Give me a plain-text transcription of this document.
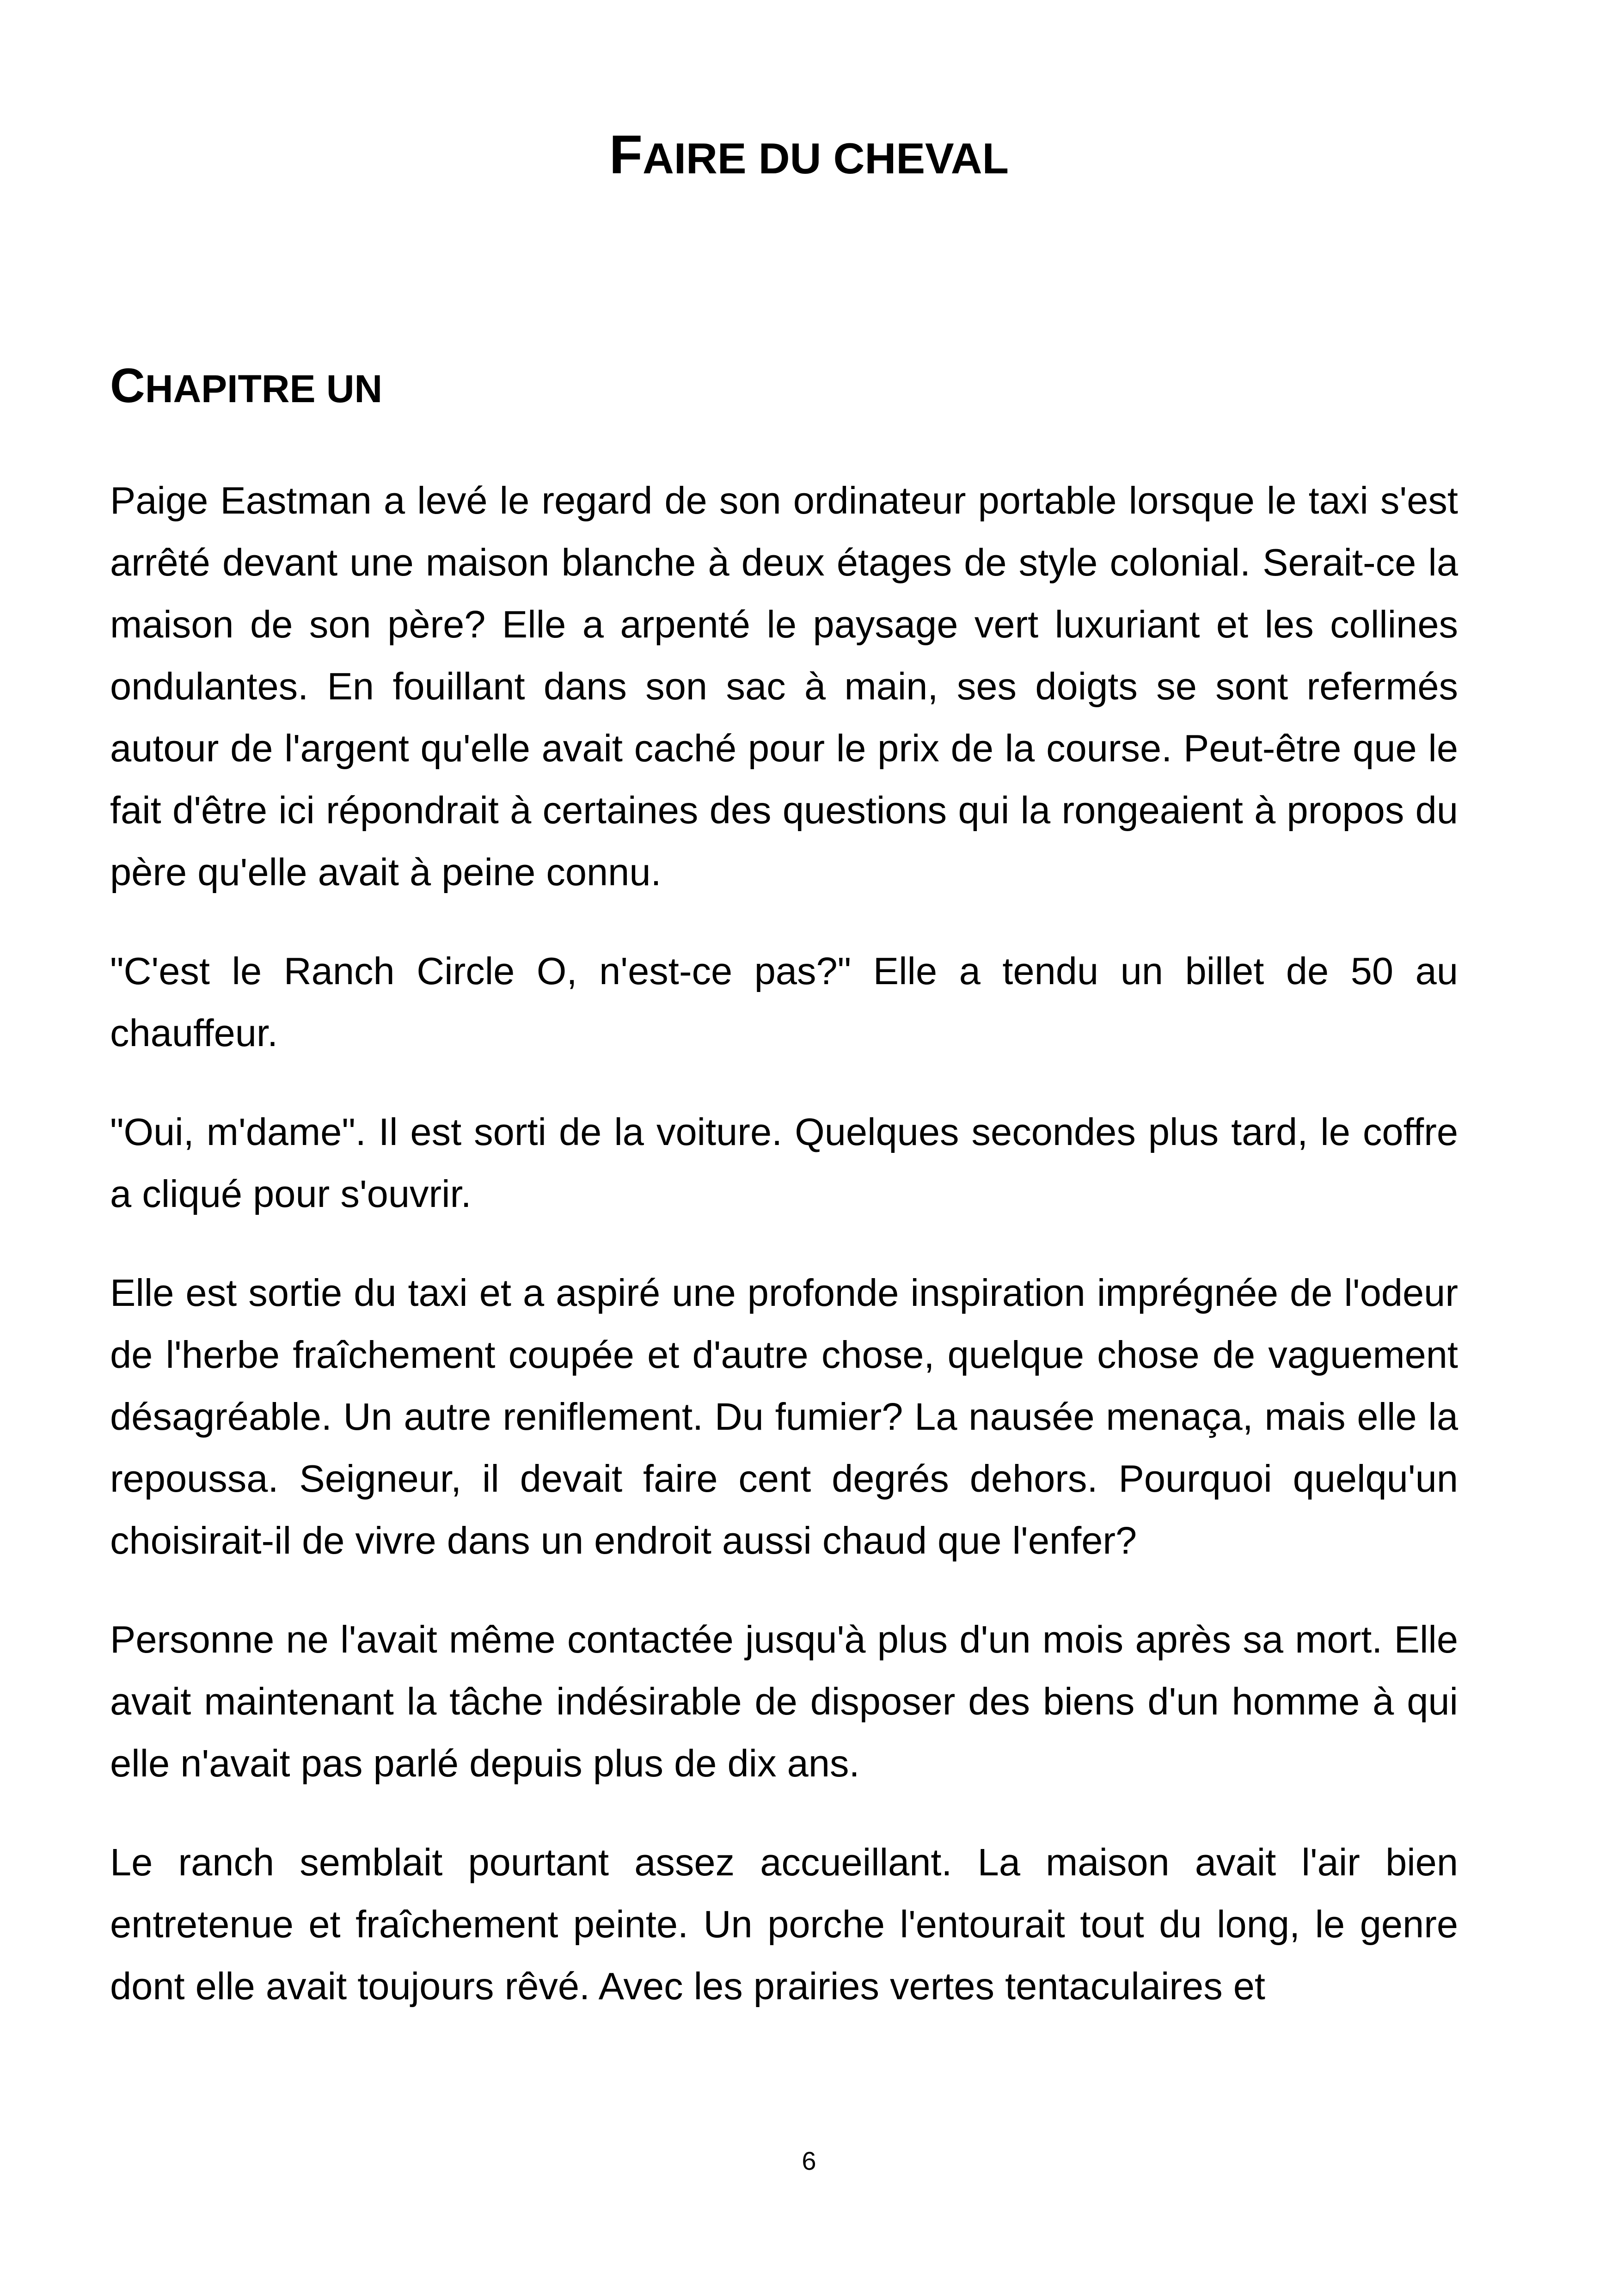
FAIRE DU CHEVAL
CHAPITRE UN

Paige Eastman a levé le regard de son ordinateur portable lorsque le taxi s'est arrêté devant une maison blanche à deux étages de style colonial. Serait-ce la maison de son père? Elle a arpenté le paysage vert luxuriant et les collines ondulantes. En fouillant dans son sac à main, ses doigts se sont refermés autour de l'argent qu'elle avait caché pour le prix de la course. Peut-être que le fait d'être ici répondrait à certaines des questions qui la rongeaient à propos du père qu'elle avait à peine connu.

"C'est le Ranch Circle O, n'est-ce pas?" Elle a tendu un billet de 50 au chauffeur.

"Oui, m'dame". Il est sorti de la voiture. Quelques secondes plus tard, le coffre a cliqué pour s'ouvrir.

Elle est sortie du taxi et a aspiré une profonde inspiration imprégnée de l'odeur de l'herbe fraîchement coupée et d'autre chose, quelque chose de vaguement désagréable. Un autre reniflement. Du fumier? La nausée menaça, mais elle la repoussa. Seigneur, il devait faire cent degrés dehors. Pourquoi quelqu'un choisirait-il de vivre dans un endroit aussi chaud que l'enfer?

Personne ne l'avait même contactée jusqu'à plus d'un mois après sa mort. Elle avait maintenant la tâche indésirable de disposer des biens d'un homme à qui elle n'avait pas parlé depuis plus de dix ans.

Le ranch semblait pourtant assez accueillant. La maison avait l'air bien entretenue et fraîchement peinte. Un porche l'entourait tout du long, le genre dont elle avait toujours rêvé. Avec les prairies vertes tentaculaires et

6
